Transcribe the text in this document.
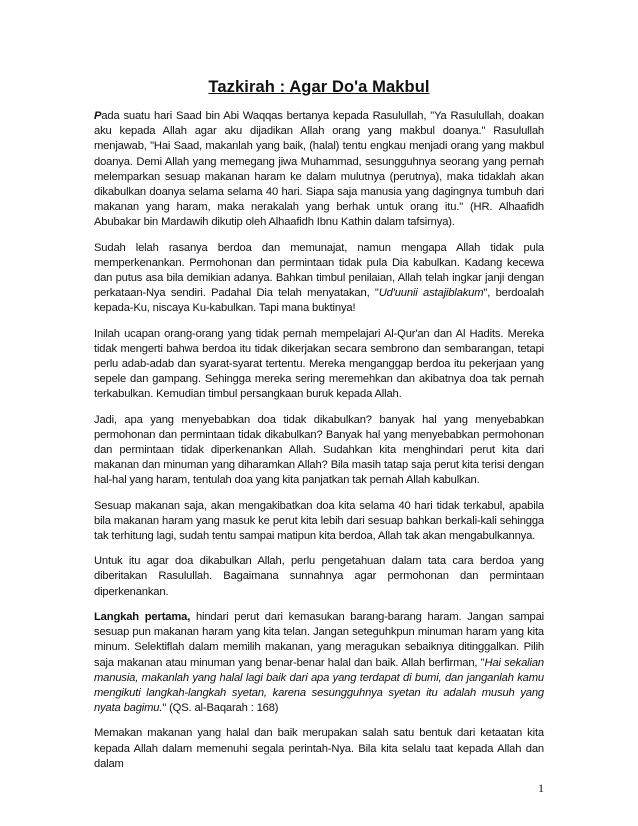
Tazkirah : Agar Do'a Makbul

Pada suatu hari Saad bin Abi Waqqas bertanya kepada Rasulullah, "Ya Rasulullah, doakan aku kepada Allah agar aku dijadikan Allah orang yang makbul doanya." Rasulullah menjawab, "Hai Saad, makanlah yang baik, (halal) tentu engkau menjadi orang yang makbul doanya. Demi Allah yang memegang jiwa Muhammad, sesungguhnya seorang yang pernah melemparkan sesuap makanan haram ke dalam mulutnya (perutnya), maka tidaklah akan dikabulkan doanya selama selama 40 hari. Siapa saja manusia yang dagingnya tumbuh dari makanan yang haram, maka nerakalah yang berhak untuk orang itu." (HR. Alhaafidh Abubakar bin Mardawih dikutip oleh Alhaafidh Ibnu Kathin dalam tafsirnya).

Sudah lelah rasanya berdoa dan memunajat, namun mengapa Allah tidak pula memperkenankan. Permohonan dan permintaan tidak pula Dia kabulkan. Kadang kecewa dan putus asa bila demikian adanya. Bahkan timbul penilaian, Allah telah ingkar janji dengan perkataan-Nya sendiri. Padahal Dia telah menyatakan, "Ud'uunii astajiblakum", berdoalah kepada-Ku, niscaya Ku-kabulkan. Tapi mana buktinya!

Inilah ucapan orang-orang yang tidak pernah mempelajari Al-Qur'an dan Al Hadits. Mereka tidak mengerti bahwa berdoa itu tidak dikerjakan secara sembrono dan sembarangan, tetapi perlu adab-adab dan syarat-syarat tertentu. Mereka menganggap berdoa itu pekerjaan yang sepele dan gampang. Sehingga mereka sering meremehkan dan akibatnya doa tak pernah terkabulkan. Kemudian timbul persangkaan buruk kepada Allah.

Jadi, apa yang menyebabkan doa tidak dikabulkan? banyak hal yang menyebabkan permohonan dan permintaan tidak dikabulkan? Banyak hal yang menyebabkan permohonan dan permintaan tidak diperkenankan Allah. Sudahkan kita menghindari perut kita dari makanan dan minuman yang diharamkan Allah? Bila masih tatap saja perut kita terisi dengan hal-hal yang haram, tentulah doa yang kita panjatkan tak pernah Allah kabulkan.

Sesuap makanan saja, akan mengakibatkan doa kita selama 40 hari tidak terkabul, apabila bila makanan haram yang masuk ke perut kita lebih dari sesuap bahkan berkali-kali sehingga tak terhitung lagi, sudah tentu sampai matipun kita berdoa, Allah tak akan mengabulkannya.

Untuk itu agar doa dikabulkan Allah, perlu pengetahuan dalam tata cara berdoa yang diberitakan Rasulullah. Bagaimana sunnahnya agar permohonan dan permintaan diperkenankan.

Langkah pertama, hindari perut dari kemasukan barang-barang haram. Jangan sampai sesuap pun makanan haram yang kita telan. Jangan seteguhkpun minuman haram yang kita minum. Selektiflah dalam memilih makanan, yang meragukan sebaiknya ditinggalkan. Pilih saja makanan atau minuman yang benar-benar halal dan baik. Allah berfirman, "Hai sekalian manusia, makanlah yang halal lagi baik dari apa yang terdapat di bumi, dan janganlah kamu mengikuti langkah-langkah syetan, karena sesungguhnya syetan itu adalah musuh yang nyata bagimu." (QS. al-Baqarah : 168)

Memakan makanan yang halal dan baik merupakan salah satu bentuk dari ketaatan kita kepada Allah dalam memenuhi segala perintah-Nya. Bila kita selalu taat kepada Allah dan dalam

1
